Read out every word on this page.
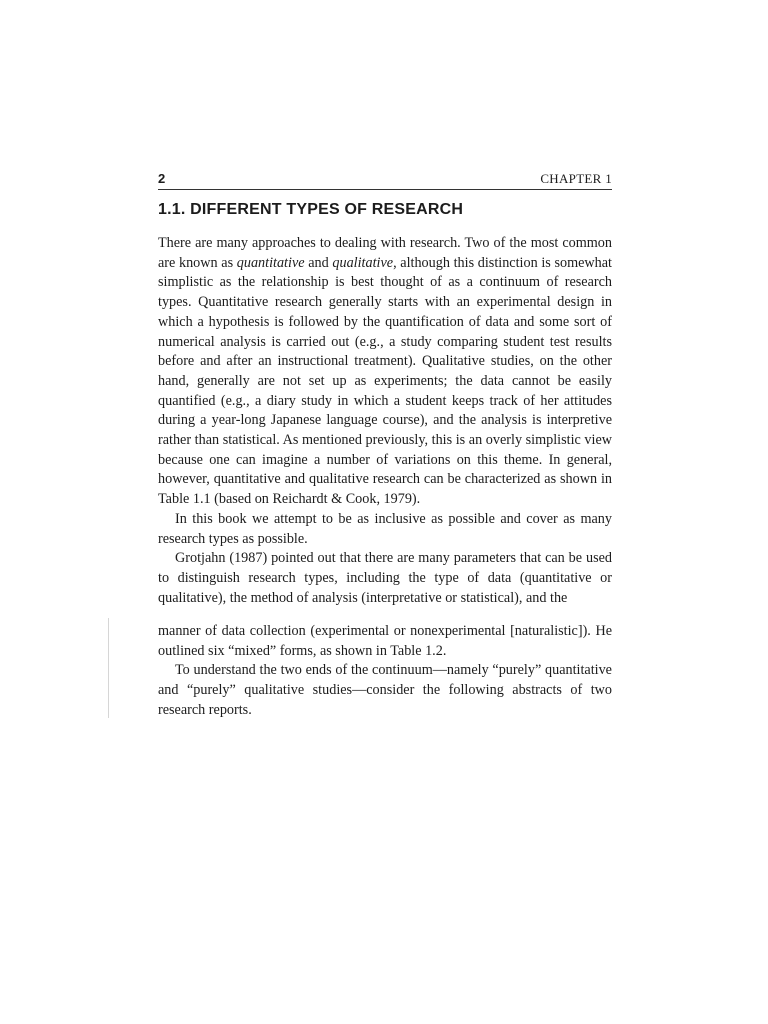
2	CHAPTER 1
1.1. DIFFERENT TYPES OF RESEARCH

There are many approaches to dealing with research. Two of the most common are known as quantitative and qualitative, although this distinction is somewhat simplistic as the relationship is best thought of as a continuum of research types. Quantitative research generally starts with an experimental design in which a hypothesis is followed by the quantification of data and some sort of numerical analysis is carried out (e.g., a study comparing student test results before and after an instructional treatment). Qualitative studies, on the other hand, generally are not set up as experiments; the data cannot be easily quantified (e.g., a diary study in which a student keeps track of her attitudes during a year-long Japanese language course), and the analysis is interpretive rather than statistical. As mentioned previously, this is an overly simplistic view because one can imagine a number of variations on this theme. In general, however, quantitative and qualitative research can be characterized as shown in Table 1.1 (based on Reichardt & Cook, 1979).

In this book we attempt to be as inclusive as possible and cover as many research types as possible.

Grotjahn (1987) pointed out that there are many parameters that can be used to distinguish research types, including the type of data (quantitative or qualitative), the method of analysis (interpretative or statistical), and the

manner of data collection (experimental or nonexperimental [naturalistic]). He outlined six “mixed” forms, as shown in Table 1.2.

To understand the two ends of the continuum—namely “purely” quantitative and “purely” qualitative studies—consider the following abstracts of two research reports.
